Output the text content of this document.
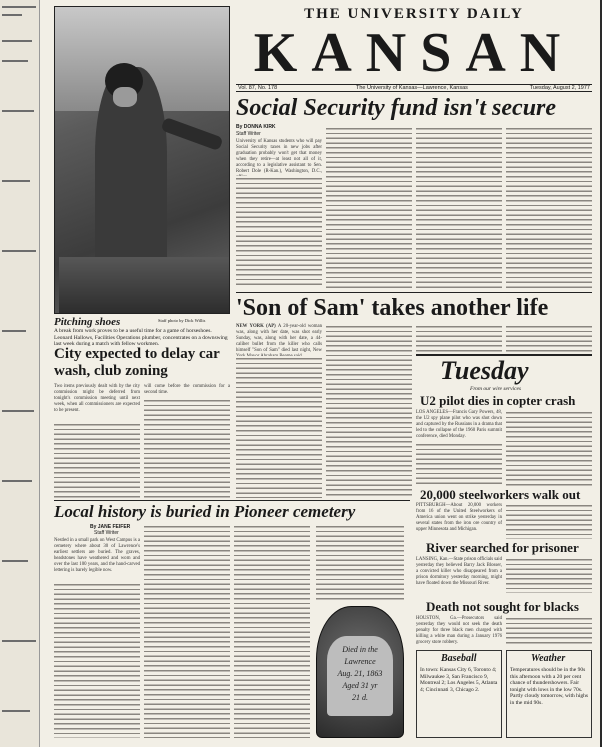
Pitching shoes	Staff photo by Dick Willis
A break from work proves to be a useful time for a game of horseshoes. Leonard Hallows, Facilities Operations plumber, concentrates on a downswing last week during a match with fellow workmen.
THE UNIVERSITY DAILY
KANSAN
Vol. 87, No. 178	The University of Kansas—Lawrence, Kansas	Tuesday, August 2, 1977
Social Security fund isn't secure
By DONNA KIRK
Staff Writer
University of Kansas students who will pay Social Security taxes in new jobs after graduation probably won't get that money when they retire—at least not all of it, according to a legislative assistant to Sen. Robert Dole (R-Kan.), Washington, D.C.,
'Son of Sam' takes another life
NEW YORK (AP) A 20-year-old woman was, along with her date, was shot early Sunday, was, along with her date, a 44-caliber bullet from the killer who calls himself "Son of Sam" died last night, New
City expected to delay car wash, club zoning
Two items previously dealt with by the city commission might be deferred from tonight's commission meeting until next week, when all commissioners are expected to be present.
will come before the commission for a second time.
Tuesday
From our wire services
U2 pilot dies in copter crash
LOS ANGELES—Francis Gary Powers, 48, the U2 spy plane pilot who was shot down and captured by the Russians in a drama that led to the collapse of the 1960 Paris summit conference, died Monday.
20,000 steelworkers walk out
Local history is buried in Pioneer cemetery
By JANE FEIFER
Staff Writer
Nestled in a small park on West Campus is a cemetery where about 30 of Lawrence's earliest settlers are buried. The graves, headstones have weathered and worn and over the last 100 years, and the hand-carved lettering is barely legible now.
Died in the
Lawrence
Aug. 21, 1863
Aged 31 yr
21 d.
PITTSBURGH—About 20,000 workers from 16 of the United Steelworkers of America union went on strike yesterday in several states from the iron ore country of upper Minnesota and Michigan.
River searched for prisoner
LANSING, Kan.—State prison officials said yesterday they believed Barry Jack Blosser, a convicted killer who disappeared from a prison dormitory yesterday morning, might have floated down the Missouri River.
Death not sought for blacks
HOUSTON, Ga.—Prosecutors said yesterday they would not seek the death penalty for three black men charged with killing a white man during a January 1976 grocery store robbery.
Baseball
In town: Kansas City 6, Toronto 4; Milwaukee 3, San Francisco 9, Montreal 2; Los Angeles 5, Atlanta 4; Cincinnati 3, Chicago 2.
Weather
Temperatures should be in the 90s this afternoon with a 20 per cent chance of thundershowers. Fair tonight with lows in the low 70s. Partly cloudy tomorrow, with highs in the mid 90s.
